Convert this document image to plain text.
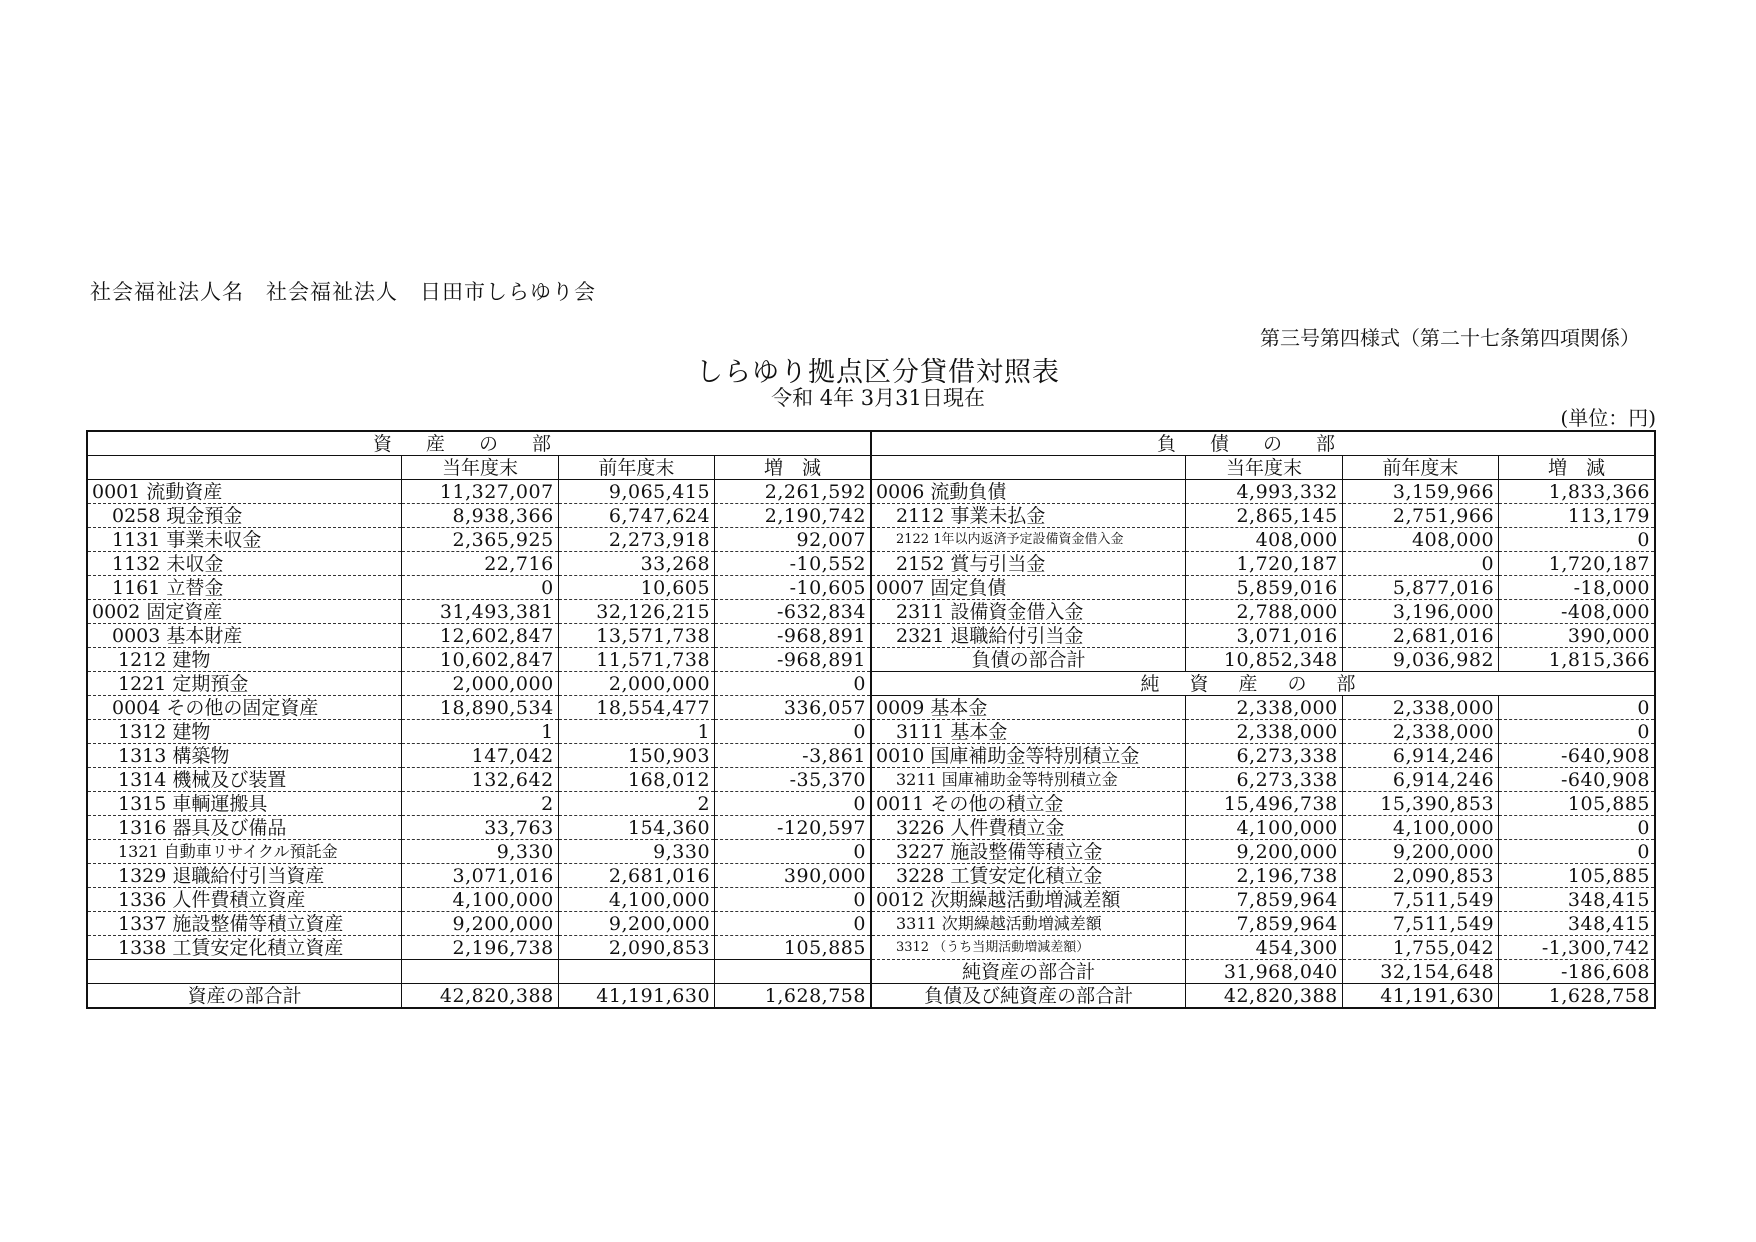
社会福祉法人名　社会福祉法人　日田市しらゆり会
第三号第四様式（第二十七条第四項関係）
しらゆり拠点区分貸借対照表
令和 4年 3月31日現在
(単位：円)
資産の部				負債の部			
	当年度末	前年度末	増　減		当年度末	前年度末	増　減
0001 流動資産	11,327,007	9,065,415	2,261,592	0006 流動負債	4,993,332	3,159,966	1,833,366
0258 現金預金	8,938,366	6,747,624	2,190,742	2112 事業未払金	2,865,145	2,751,966	113,179
1131 事業未収金	2,365,925	2,273,918	92,007	2122 1年以内返済予定設備資金借入金	408,000	408,000	0
1132 未収金	22,716	33,268	-10,552	2152 賞与引当金	1,720,187	0	1,720,187
1161 立替金	0	10,605	-10,605	0007 固定負債	5,859,016	5,877,016	-18,000
0002 固定資産	31,493,381	32,126,215	-632,834	2311 設備資金借入金	2,788,000	3,196,000	-408,000
0003 基本財産	12,602,847	13,571,738	-968,891	2321 退職給付引当金	3,071,016	2,681,016	390,000
1212 建物	10,602,847	11,571,738	-968,891	負債の部合計	10,852,348	9,036,982	1,815,366
1221 定期預金	2,000,000	2,000,000	0	純資産の部			
0004 その他の固定資産	18,890,534	18,554,477	336,057	0009 基本金	2,338,000	2,338,000	0
1312 建物	1	1	0	3111 基本金	2,338,000	2,338,000	0
1313 構築物	147,042	150,903	-3,861	0010 国庫補助金等特別積立金	6,273,338	6,914,246	-640,908
1314 機械及び装置	132,642	168,012	-35,370	3211 国庫補助金等特別積立金	6,273,338	6,914,246	-640,908
1315 車輌運搬具	2	2	0	0011 その他の積立金	15,496,738	15,390,853	105,885
1316 器具及び備品	33,763	154,360	-120,597	3226 人件費積立金	4,100,000	4,100,000	0
1321 自動車リサイクル預託金	9,330	9,330	0	3227 施設整備等積立金	9,200,000	9,200,000	0
1329 退職給付引当資産	3,071,016	2,681,016	390,000	3228 工賃安定化積立金	2,196,738	2,090,853	105,885
1336 人件費積立資産	4,100,000	4,100,000	0	0012 次期繰越活動増減差額	7,859,964	7,511,549	348,415
1337 施設整備等積立資産	9,200,000	9,200,000	0	3311 次期繰越活動増減差額	7,859,964	7,511,549	348,415
1338 工賃安定化積立資産	2,196,738	2,090,853	105,885	3312 （うち当期活動増減差額）	454,300	1,755,042	-1,300,742
				純資産の部合計	31,968,040	32,154,648	-186,608
資産の部合計	42,820,388	41,191,630	1,628,758	負債及び純資産の部合計	42,820,388	41,191,630	1,628,758
